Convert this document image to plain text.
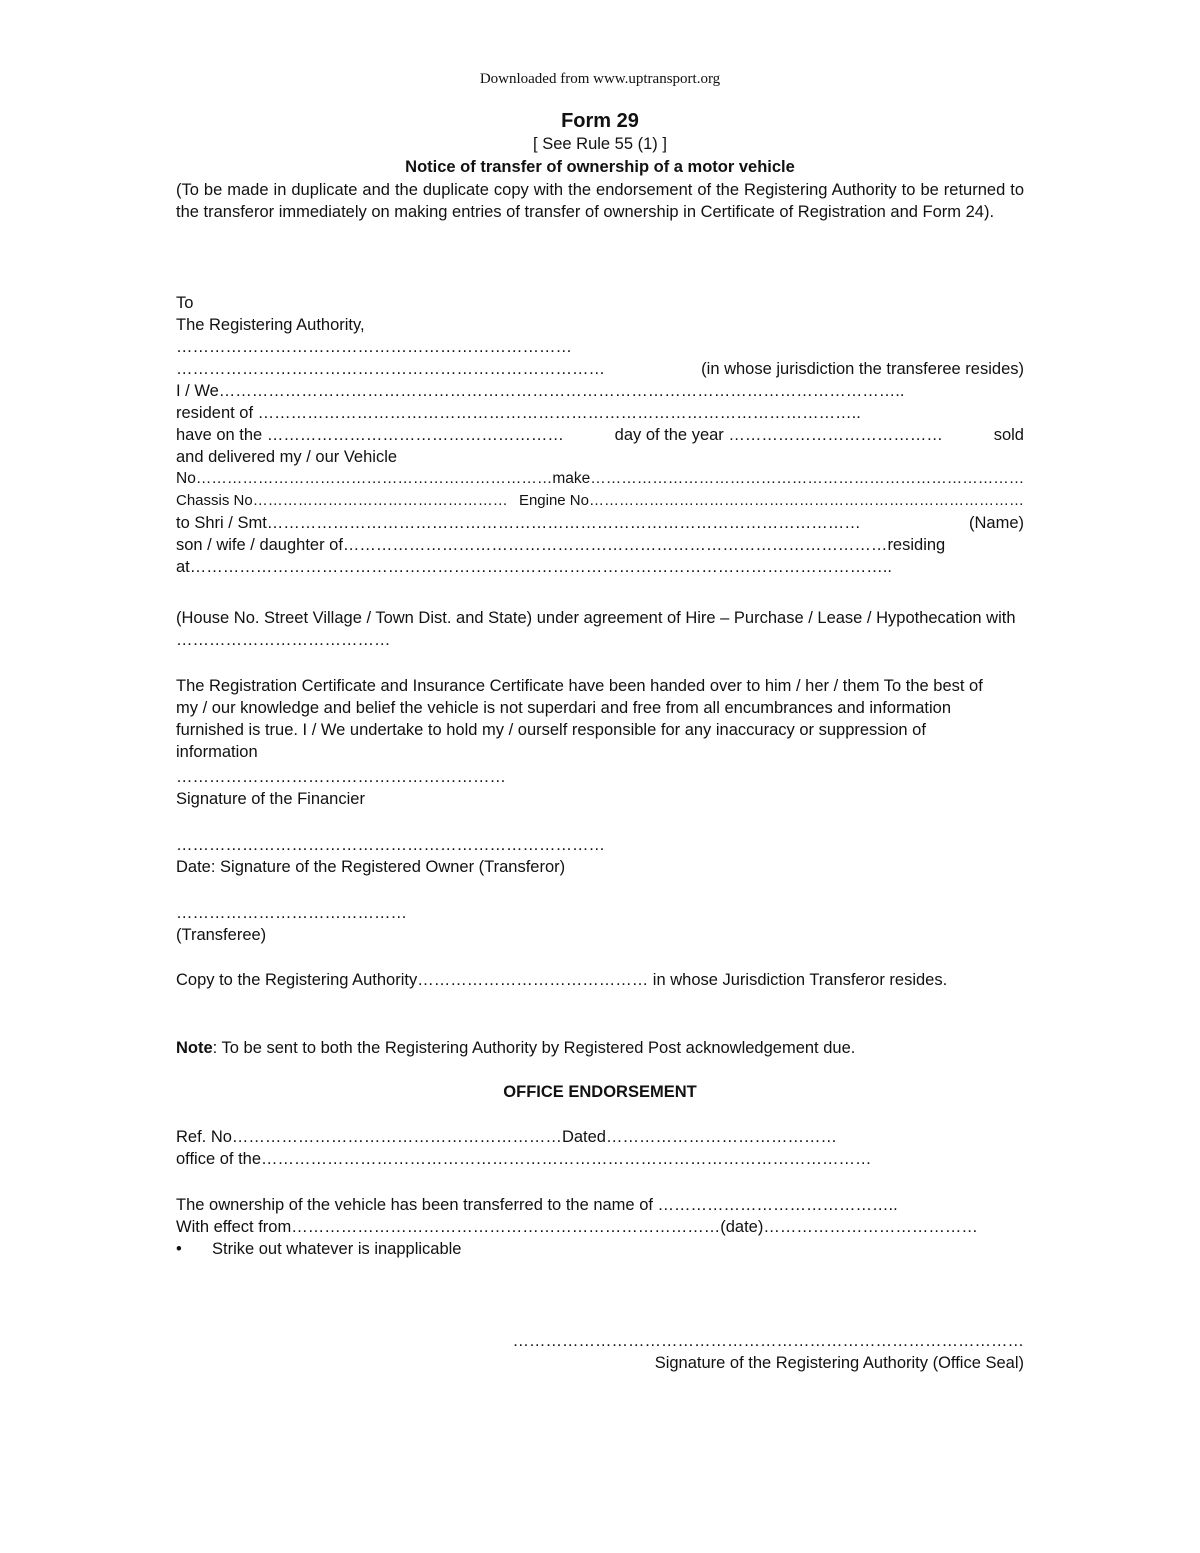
Downloaded from www.uptransport.org
Form 29
[ See Rule 55 (1) ]
Notice of transfer of ownership of a motor vehicle

(To be made in duplicate and the duplicate copy with the endorsement of the Registering Authority to be returned to the transferor immediately on making entries of transfer of ownership in Certificate of Registration and Form 24).

To
The Registering Authority,
………………………………………………………………
……………………………………………………………………	(in whose jurisdiction the transferee resides)
I / We……………………………………………………………………………………………………………..
resident of ………………………………………………………………………………………………..
have on the ………………………………………………	day of the year …………………………………	sold
and delivered my / our Vehicle
No…………………………………………………………… make…………………………………………………………………………
Chassis No…………………………………………… Engine No……………………………………………………………………………
to Shri / Smt………………………………………………………………………………………………	(Name)
son / wife / daughter of……………………………………………………………………………………… residing
at………………………………………………………………………………………………………………..

(House No. Street Village / Town Dist. and State) under agreement of Hire – Purchase / Lease / Hypothecation with …………………………………

The Registration Certificate and Insurance Certificate have been handed over to him / her / them To the best of my / our knowledge and belief the vehicle is not superdari and free from all encumbrances and information furnished is true. I / We undertake to hold my / ourself responsible for any inaccuracy or suppression of information

……………………………………………………
Signature of the Financier
……………………………………………………………………
Date: Signature of the Registered Owner (Transferor)
……………………………………
(Transferee)

Copy to the Registering Authority…………………………………… in whose Jurisdiction Transferor resides.

Note: To be sent to both the Registering Authority by Registered Post acknowledgement due.

OFFICE ENDORSEMENT
Ref. No…………………………………………………… Dated……………………………………
office of the…………………………………………………………………………………………………
The ownership of the vehicle has been transferred to the name of ……………………………………..
With effect from…………………………………………………………………… (date)…………………………………
•	Strike out whatever is inapplicable
…………………………………………………………………………………
Signature of the Registering Authority (Office Seal)
